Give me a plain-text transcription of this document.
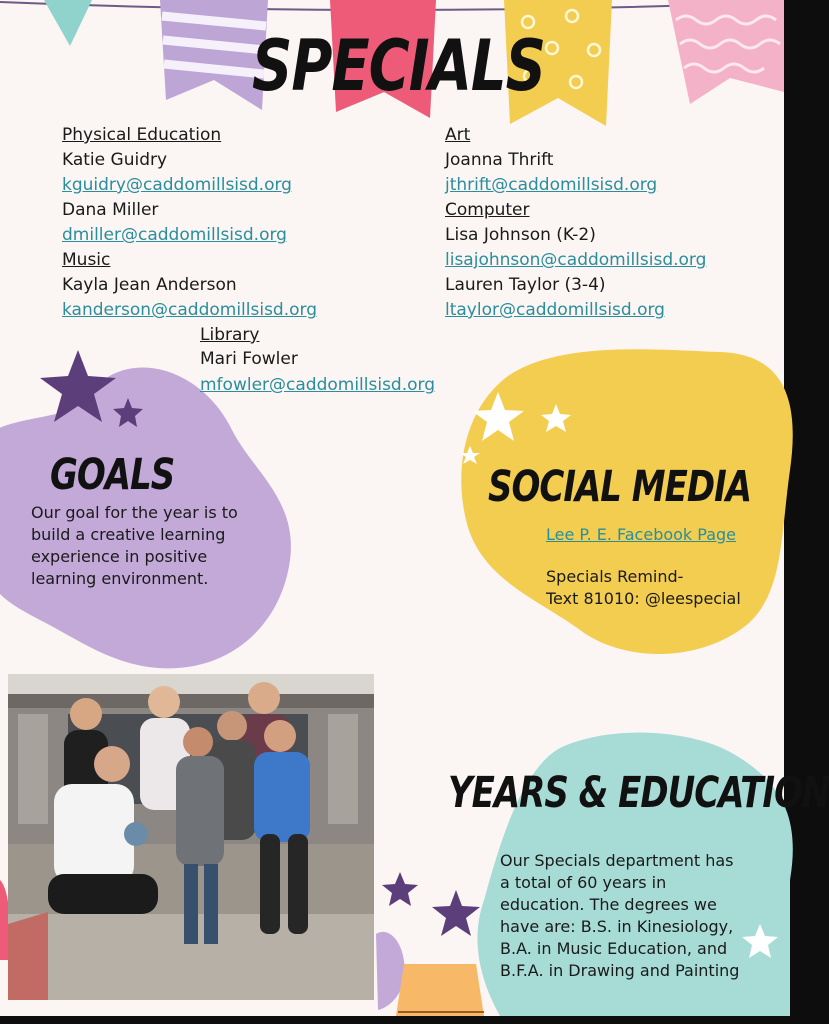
SPECIALS
Physical Education
Katie Guidry
kguidry@caddomillsisd.org
Dana Miller
dmiller@caddomillsisd.org
Music
Kayla Jean Anderson
kanderson@caddomillsisd.org
Art
Joanna Thrift
jthrift@caddomillsisd.org
Computer
Lisa Johnson (K-2)
lisajohnson@caddomillsisd.org
Lauren Taylor (3-4)
ltaylor@caddomillsisd.org
Library
Mari Fowler
mfowler@caddomillsisd.org
GOALS
Our goal for the year is to
build a creative learning
experience in positive
learning environment.
SOCIAL MEDIA
Lee P. E. Facebook Page
Specials Remind-
Text 81010: @leespecial
YEARS & EDUCATION
Our Specials department has
a total of 60 years in
education. The degrees we
have are: B.S. in Kinesiology,
B.A. in Music Education, and
B.F.A. in Drawing and Painting
